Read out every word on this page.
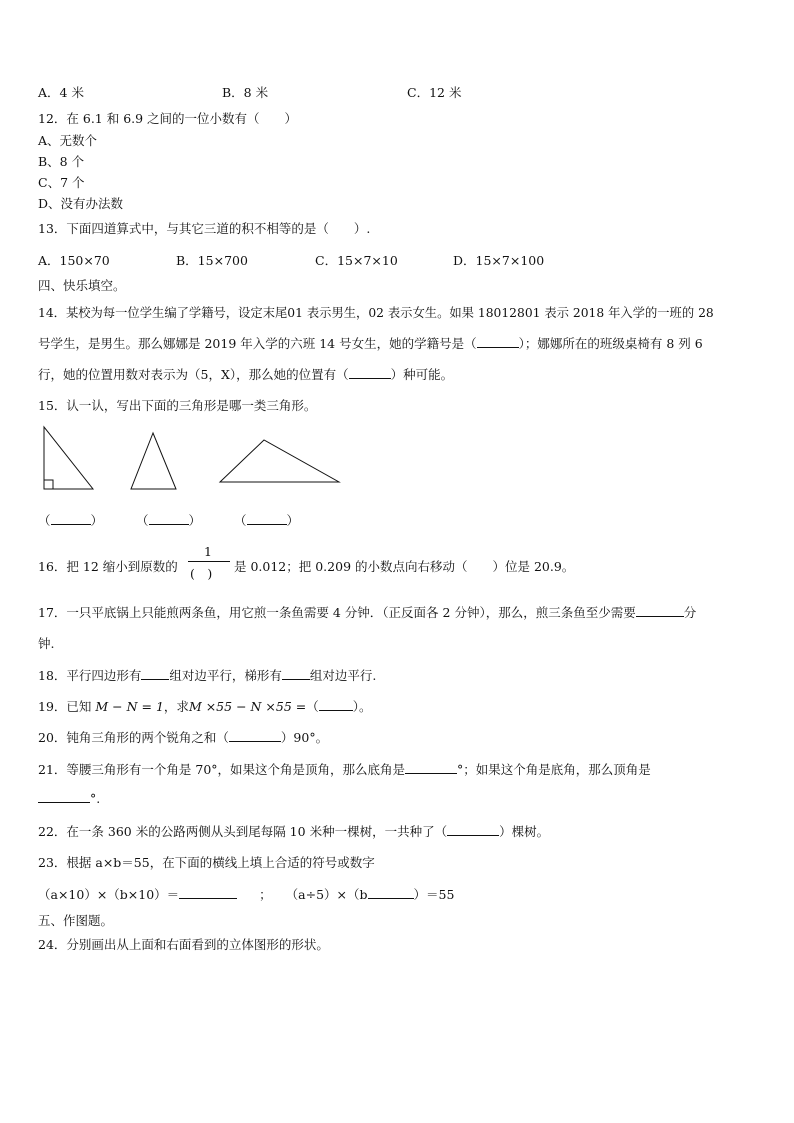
A．4 米	B．8 米	C．12 米
12．在 6.1 和 6.9 之间的一位小数有（　　）
A、无数个
B、8 个
C、7 个
D、没有办法数
13．下面四道算式中，与其它三道的积不相等的是（　　）.
A．150×70	B．15×700	C．15×7×10	D．15×7×100
四、快乐填空。
14．某校为每一位学生编了学籍号，设定末尾01 表示男生，02 表示女生。如果 18012801 表示 2018 年入学的一班的 28
号学生，是男生。那么娜娜是 2019 年入学的六班 14 号女生，她的学籍号是（	）；娜娜所在的班级桌椅有 8 列 6
行，她的位置用数对表示为（5，X），那么她的位置有（	）种可能。
15．认一认，写出下面的三角形是哪一类三角形。
（	）	（	）	（	）
16．把 12 缩小到原数的
1
(　) 是 0.012；把 0.209 的小数点向右移动（　　）位是 20.9。
17．一只平底锅上只能煎两条鱼，用它煎一条鱼需要 4 分钟．（正反面各 2 分钟），那么，煎三条鱼至少需要	分
钟.
18．平行四边形有 组对边平行，梯形有 组对边平行.
19．已知 M − N = 1，求M ×55 − N ×55 =（	）。
20．钝角三角形的两个锐角之和（	）90°。
21．等腰三角形有一个角是 70°，如果这个角是顶角，那么底角是	°；如果这个角是底角，那么顶角是
°.
22．在一条 360 米的公路两侧从头到尾每隔 10 米种一棵树，一共种了（	）棵树。
23．根据 a×b＝55，在下面的横线上填上合适的符号或数字
（a×10）×（b×10）＝	； （a÷5）×（b	）＝55
五、作图题。
24．分别画出从上面和右面看到的立体图形的形状。
